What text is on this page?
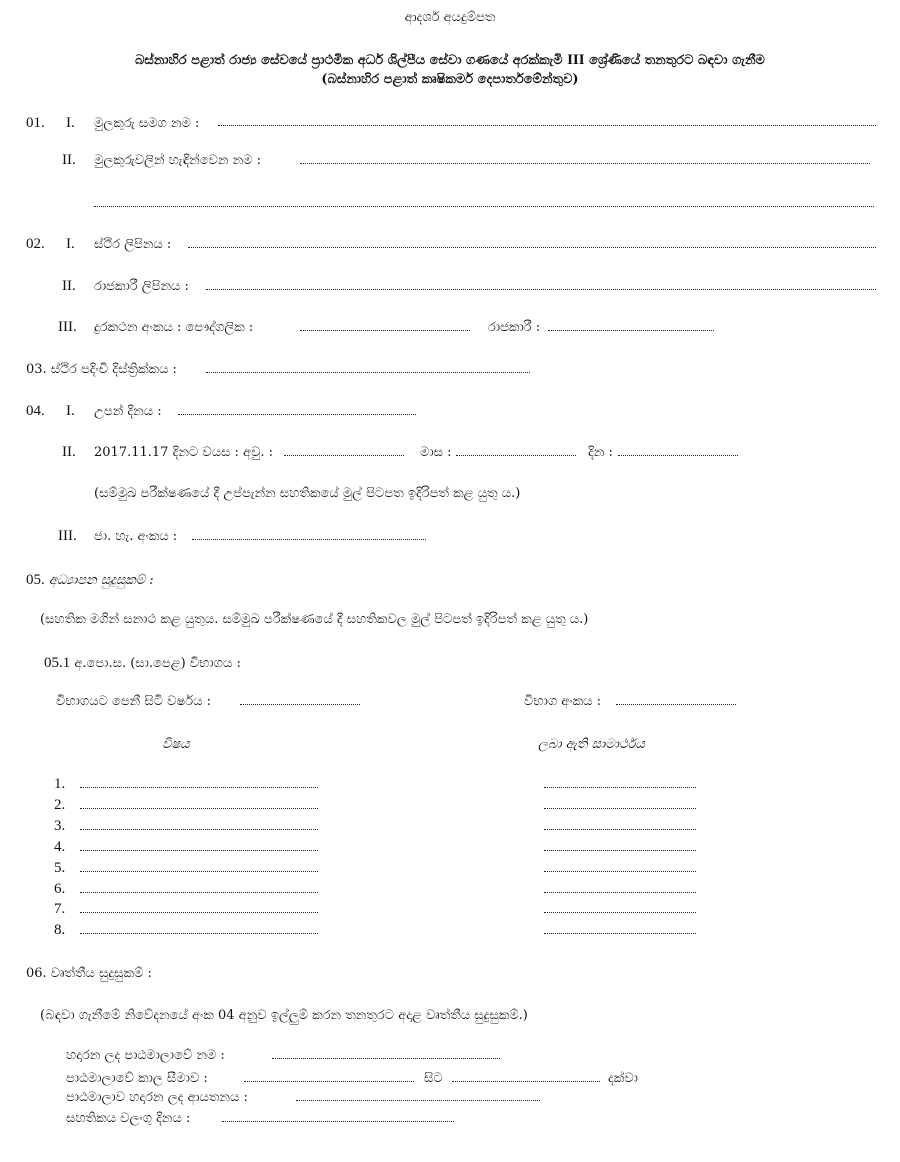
ආදර්ශ අයදුම්පත
බස්නාහිර පළාත් රාජ්‍ය සේවයේ ප්‍රාථමික අර්ධ ශිල්පීය සේවා ගණයේ අරක්කැමි III ශ්‍රේණියේ තනතුරට බඳවා ගැනීම
(බස්නාහිර පළාත් කෘෂිකර්ම දෙපාර්තමේන්තුව)
01. I. මුලකුරු සමග නම :
II. මුලකුරුවලින් හැඳින්වෙන නම :
02. I. ස්ථිර ලිපිනය :
II. රාජකාරී ලිපිනය :
III. දුරකථන අංකය : පෞද්ගලික :	රාජකාරී :
03. ස්ථිර පදිංචි දිස්ත්‍රික්කය :
04. I. උපන් දිනය :
II. 2017.11.17 දිනට වයස : අවු. :	මාස :	දින :
(සම්මුඛ පරීක්ෂණයේ දී උප්පැන්න සහතිකයේ මුල් පිටපත ඉදිරිපත් කළ යුතු ය.)
III. ජා. හැ. අංකය :
05. අධ්‍යාපන සුදුසුකම් :
(සහතික මගින් සනාථ කළ යුතුය. සම්මුඛ පරීක්ෂණයේ දී සහතිකවල මුල් පිටපත් ඉදිරිපත් කළ යුතු ය.)
05.1 අ.පො.ස. (සා.පෙළ) විභාගය :
විභාගයට පෙනී සිටි වර්ෂය :	විභාග අංකය :
විෂය	ලබා ඇති සාමාර්ථය
1.
2.
3.
4.
5.
6.
7.
8.
06. වෘත්තීය සුදුසුකම් :
(බඳවා ගැනීමේ නිවේදනයේ අංක 04 අනුව ඉල්ලුම් කරන තනතුරට අදාළ වෘත්තීය සුදුසුකම්.)
හදාරන ලද පාඨමාලාවේ නම :
පාඨමාලාවේ කාල සීමාව :	සිට	දක්වා
පාඨමාලාව හදාරන ලද ආයතනය :
සහතිකය වලංගු දිනය :
